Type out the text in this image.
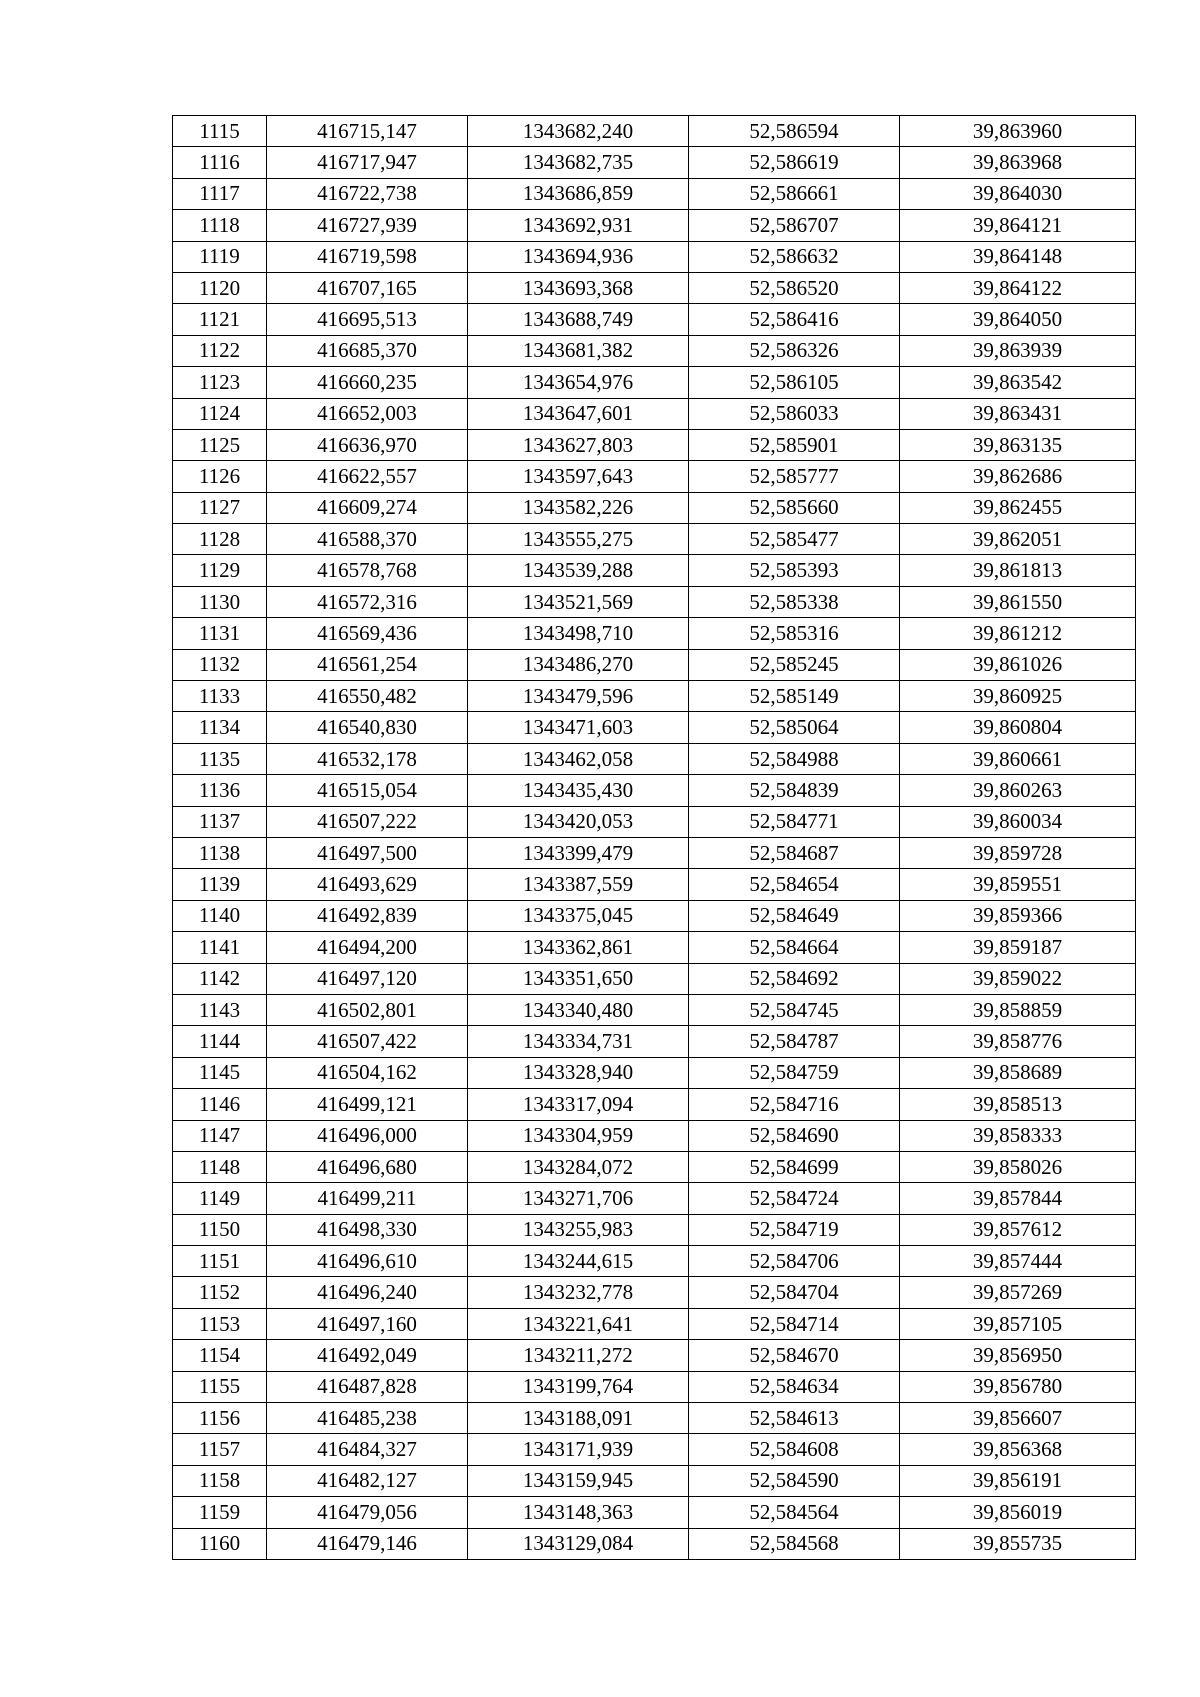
1115	416715,147	1343682,240	52,586594	39,863960
1116	416717,947	1343682,735	52,586619	39,863968
1117	416722,738	1343686,859	52,586661	39,864030
1118	416727,939	1343692,931	52,586707	39,864121
1119	416719,598	1343694,936	52,586632	39,864148
1120	416707,165	1343693,368	52,586520	39,864122
1121	416695,513	1343688,749	52,586416	39,864050
1122	416685,370	1343681,382	52,586326	39,863939
1123	416660,235	1343654,976	52,586105	39,863542
1124	416652,003	1343647,601	52,586033	39,863431
1125	416636,970	1343627,803	52,585901	39,863135
1126	416622,557	1343597,643	52,585777	39,862686
1127	416609,274	1343582,226	52,585660	39,862455
1128	416588,370	1343555,275	52,585477	39,862051
1129	416578,768	1343539,288	52,585393	39,861813
1130	416572,316	1343521,569	52,585338	39,861550
1131	416569,436	1343498,710	52,585316	39,861212
1132	416561,254	1343486,270	52,585245	39,861026
1133	416550,482	1343479,596	52,585149	39,860925
1134	416540,830	1343471,603	52,585064	39,860804
1135	416532,178	1343462,058	52,584988	39,860661
1136	416515,054	1343435,430	52,584839	39,860263
1137	416507,222	1343420,053	52,584771	39,860034
1138	416497,500	1343399,479	52,584687	39,859728
1139	416493,629	1343387,559	52,584654	39,859551
1140	416492,839	1343375,045	52,584649	39,859366
1141	416494,200	1343362,861	52,584664	39,859187
1142	416497,120	1343351,650	52,584692	39,859022
1143	416502,801	1343340,480	52,584745	39,858859
1144	416507,422	1343334,731	52,584787	39,858776
1145	416504,162	1343328,940	52,584759	39,858689
1146	416499,121	1343317,094	52,584716	39,858513
1147	416496,000	1343304,959	52,584690	39,858333
1148	416496,680	1343284,072	52,584699	39,858026
1149	416499,211	1343271,706	52,584724	39,857844
1150	416498,330	1343255,983	52,584719	39,857612
1151	416496,610	1343244,615	52,584706	39,857444
1152	416496,240	1343232,778	52,584704	39,857269
1153	416497,160	1343221,641	52,584714	39,857105
1154	416492,049	1343211,272	52,584670	39,856950
1155	416487,828	1343199,764	52,584634	39,856780
1156	416485,238	1343188,091	52,584613	39,856607
1157	416484,327	1343171,939	52,584608	39,856368
1158	416482,127	1343159,945	52,584590	39,856191
1159	416479,056	1343148,363	52,584564	39,856019
1160	416479,146	1343129,084	52,584568	39,855735
